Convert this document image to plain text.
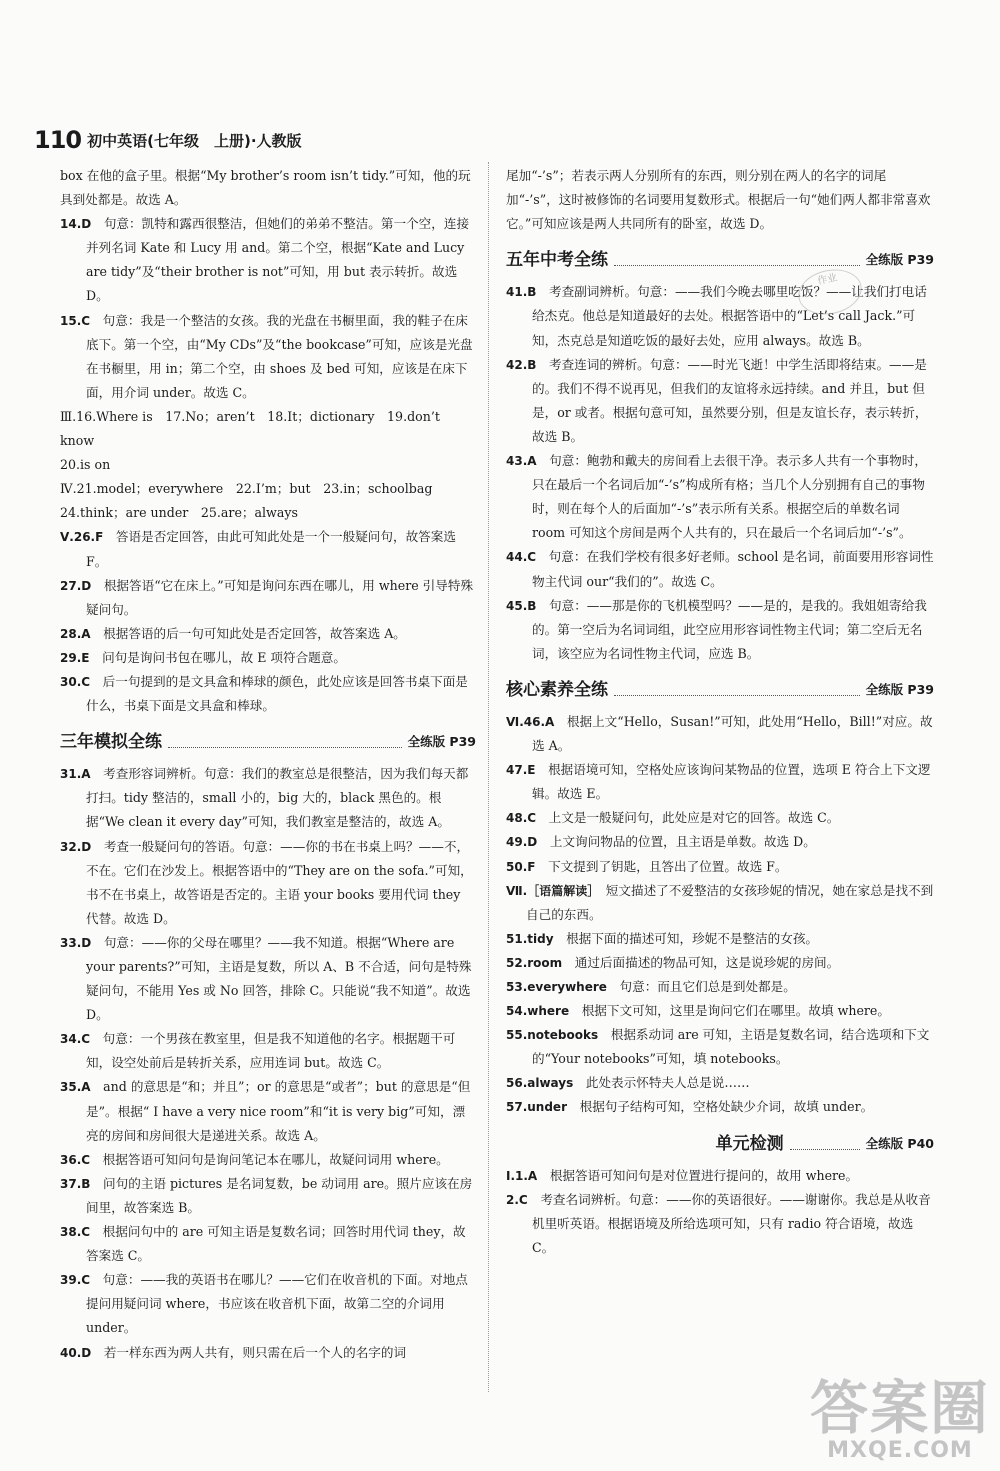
110 初中英语(七年级　上册)·人教版

box 在他的盒子里。根据“My brother’s room isn’t tidy.”可知，他的玩具到处都是。故选 A。

14.D　 句意：凯特和露西很整洁，但她们的弟弟不整洁。第一个空，连接并列名词 Kate 和 Lucy 用 and。第二个空，根据“Kate and Lucy are tidy”及“their brother is not”可知，用 but 表示转折。故选 D。

15.C　 句意：我是一个整洁的女孩。我的光盘在书橱里面，我的鞋子在床底下。第一个空，由“My CDs”及“the bookcase”可知，应该是光盘在书橱里，用 in；第二个空，由 shoes 及 bed 可知，应该是在床下面，用介词 under。故选 C。

Ⅲ.16.Where is　17.No；aren’t　18.It；dictionary　19.don’t know

20.is on

Ⅳ.21.model；everywhere　22.I’m；but　23.in；schoolbag　24.think；are under　25.are；always

Ⅴ.26.F　 答语是否定回答，由此可知此处是一个一般疑问句，故答案选 F。

27.D　 根据答语“它在床上。”可知是询问东西在哪儿，用 where 引导特殊疑问句。

28.A　 根据答语的后一句可知此处是否定回答，故答案选 A。

29.E　 问句是询问书包在哪儿，故 E 项符合题意。

30.C　 后一句提到的是文具盒和棒球的颜色，此处应该是回答书桌下面是什么，书桌下面是文具盒和棒球。

三年模拟全练	全练版 P39

31.A　 考查形容词辨析。句意：我们的教室总是很整洁，因为我们每天都打扫。tidy 整洁的，small 小的，big 大的，black 黑色的。根据“We clean it every day”可知，我们教室是整洁的，故选 A。

32.D　 考查一般疑问句的答语。句意：——你的书在书桌上吗？——不，不在。它们在沙发上。根据答语中的“They are on the sofa.”可知，书不在书桌上，故答语是否定的。主语 your books 要用代词 they 代替。故选 D。

33.D　 句意：——你的父母在哪里？——我不知道。根据“Where are your parents?”可知，主语是复数，所以 A、B 不合适，问句是特殊疑问句，不能用 Yes 或 No 回答，排除 C。只能说“我不知道”。故选 D。

34.C　 句意：一个男孩在教室里，但是我不知道他的名字。根据题干可知，设空处前后是转折关系，应用连词 but。故选 C。

35.A　 and 的意思是“和；并且”；or 的意思是“或者”；but 的意思是“但是”。根据“ I have a very nice room”和“it is very big”可知，漂亮的房间和房间很大是递进关系。故选 A。

36.C　 根据答语可知问句是询问笔记本在哪儿，故疑问词用 where。

37.B　 问句的主语 pictures 是名词复数，be 动词用 are。照片应该在房间里，故答案选 B。

38.C　 根据问句中的 are 可知主语是复数名词；回答时用代词 they，故答案选 C。

39.C　 句意：——我的英语书在哪儿？——它们在收音机的下面。对地点提问用疑问词 where，书应该在收音机下面，故第二空的介词用 under。

40.D　 若一样东西为两人共有，则只需在后一个人的名字的词

尾加“-’s”；若表示两人分别所有的东西，则分别在两人的名字的词尾加“-’s”，这时被修饰的名词要用复数形式。根据后一句“她们两人都非常喜欢它。”可知应该是两人共同所有的卧室，故选 D。

五年中考全练	全练版 P39

41.B　 考查副词辨析。句意：——我们今晚去哪里吃饭？——让我们打电话给杰克。他总是知道最好的去处。根据答语中的“Let’s call Jack.”可知，杰克总是知道吃饭的最好去处，应用 always。故选 B。

42.B　 考查连词的辨析。句意：——时光飞逝！中学生活即将结束。——是的。我们不得不说再见，但我们的友谊将永远持续。and 并且，but 但是，or 或者。根据句意可知，虽然要分别，但是友谊长存，表示转折，故选 B。

43.A　 句意：鲍勃和戴夫的房间看上去很干净。表示多人共有一个事物时，只在最后一个名词后加“-’s”构成所有格；当几个人分别拥有自己的事物时，则在每个人的后面加“-’s”表示所有关系。根据空后的单数名词 room 可知这个房间是两个人共有的，只在最后一个名词后加“-’s”。

44.C　 句意：在我们学校有很多好老师。school 是名词，前面要用形容词性物主代词 our“我们的”。故选 C。

45.B　 句意：——那是你的飞机模型吗？——是的，是我的。我姐姐寄给我的。第一空后为名词词组，此空应用形容词性物主代词；第二空后无名词，该空应为名词性物主代词，应选 B。

核心素养全练	全练版 P39

Ⅵ.46.A　 根据上文“Hello，Susan!”可知，此处用“Hello，Bill!”对应。故选 A。

47.E　 根据语境可知，空格处应该询问某物品的位置，选项 E 符合上下文逻辑。故选 E。

48.C　 上文是一般疑问句，此处应是对它的回答。故选 C。

49.D　 上文询问物品的位置，且主语是单数。故选 D。

50.F　 下文提到了钥匙，且答出了位置。故选 F。

Ⅶ.［语篇解读］　 短文描述了不爱整洁的女孩珍妮的情况，她在家总是找不到自己的东西。

51.tidy　 根据下面的描述可知，珍妮不是整洁的女孩。

52.room　 通过后面描述的物品可知，这是说珍妮的房间。

53.everywhere　 句意：而且它们总是到处都是。

54.where　 根据下文可知，这里是询问它们在哪里。故填 where。

55.notebooks　 根据系动词 are 可知，主语是复数名词，结合选项和下文的“Your notebooks”可知，填 notebooks。

56.always　 此处表示怀特夫人总是说……

57.under　 根据句子结构可知，空格处缺少介词，故填 under。

单元检测	全练版 P40

Ⅰ.1.A　 根据答语可知问句是对位置进行提问的，故用 where。

2.C　 考查名词辨析。句意：——你的英语很好。——谢谢你。我总是从收音机里听英语。根据语境及所给选项可知，只有 radio 符合语境，故选 C。

作业
答案圈
MXQE.COM
